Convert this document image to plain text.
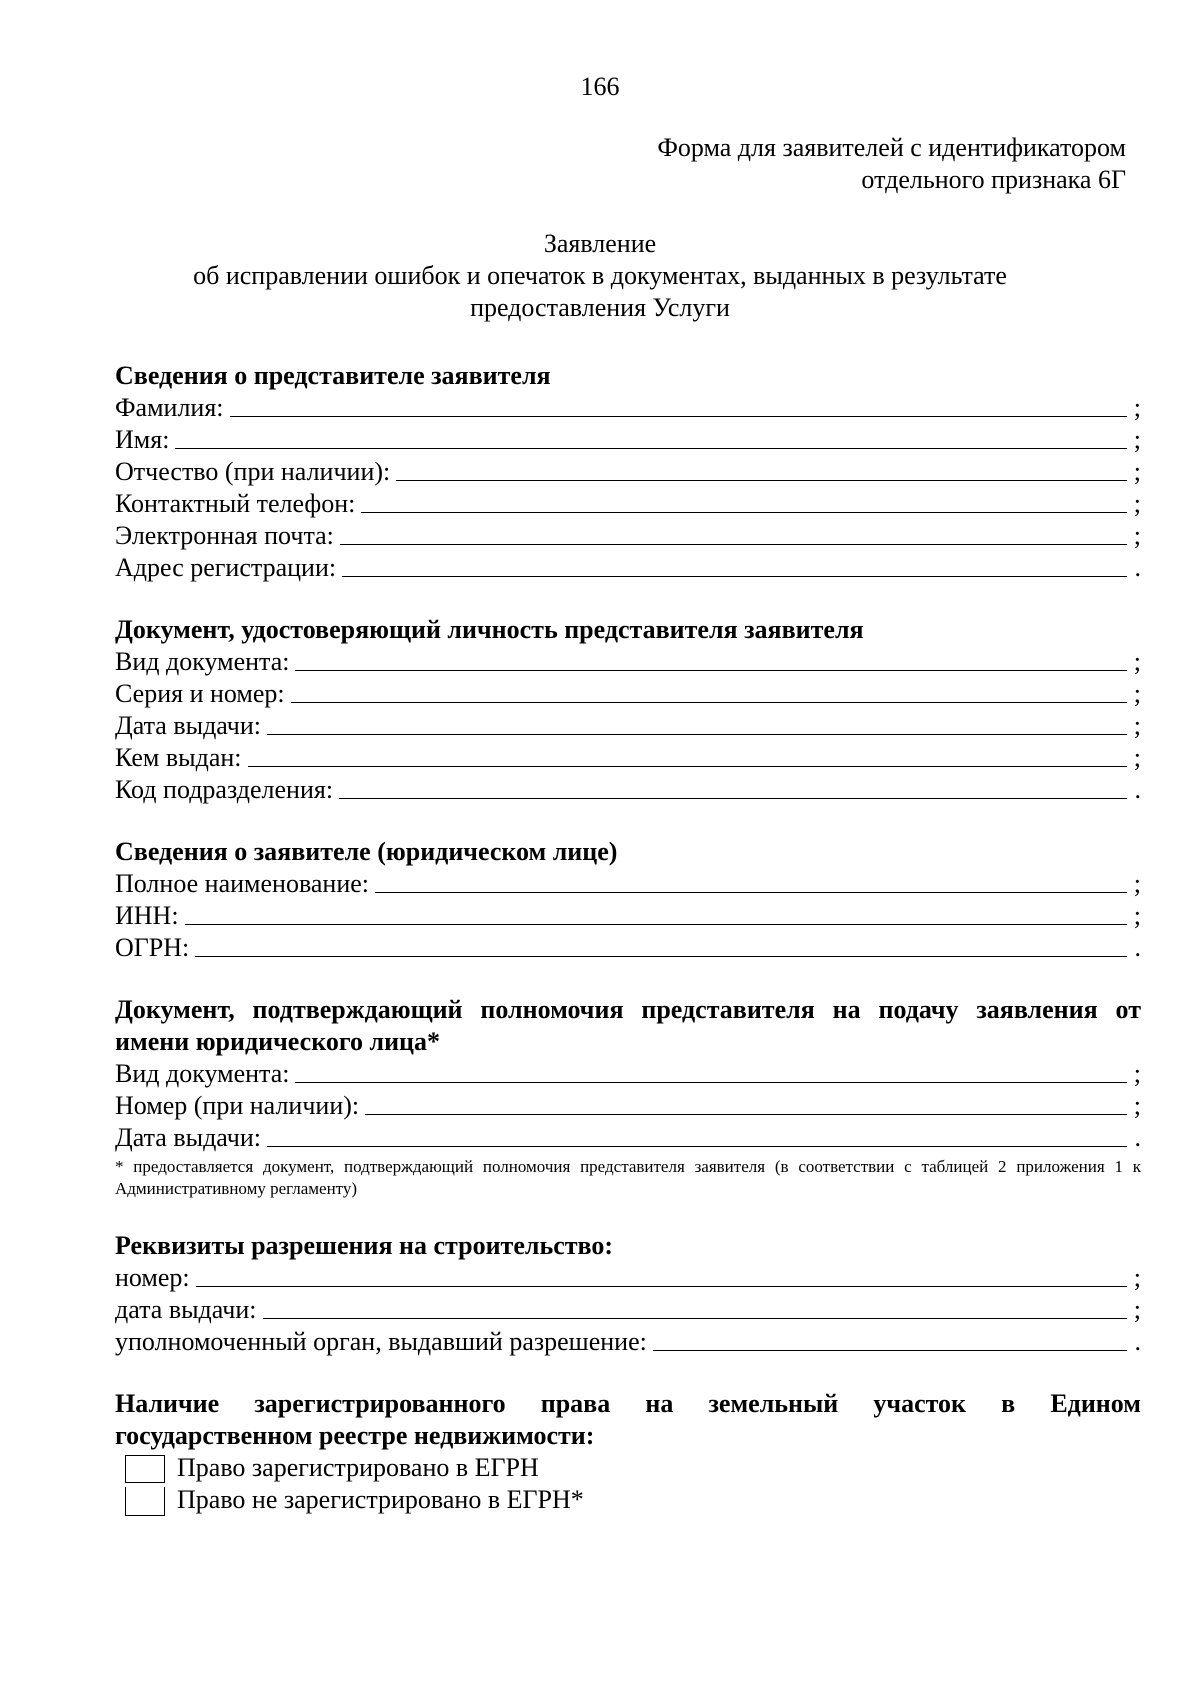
166
Форма для заявителей с идентификатором
отдельного признака 6Г
Заявление
об исправлении ошибок и опечаток в документах, выданных в результате
предоставления Услуги

Сведения о представителе заявителя

Фамилия:	;
Имя:	;
Отчество (при наличии):	;
Контактный телефон:	;
Электронная почта:	;
Адрес регистрации:	.

Документ, удостоверяющий личность представителя заявителя

Вид документа:	;
Серия и номер:	;
Дата выдачи:	;
Кем выдан:	;
Код подразделения:	.

Сведения о заявителе (юридическом лице)

Полное наименование:	;
ИНН:	;
ОГРН:	.

Документ, подтверждающий полномочия представителя на подачу заявления от имени юридического лица*

Вид документа:	;
Номер (при наличии):	;
Дата выдачи:	.

* предоставляется документ, подтверждающий полномочия представителя заявителя (в соответствии с таблицей 2 приложения 1 к Административному регламенту)

Реквизиты разрешения на строительство:

номер:	;
дата выдачи:	;
уполномоченный орган, выдавший разрешение:	.

Наличие зарегистрированного права на земельный участок в Едином государственном реестре недвижимости:

Право зарегистрировано в ЕГРН
Право не зарегистрировано в ЕГРН*
